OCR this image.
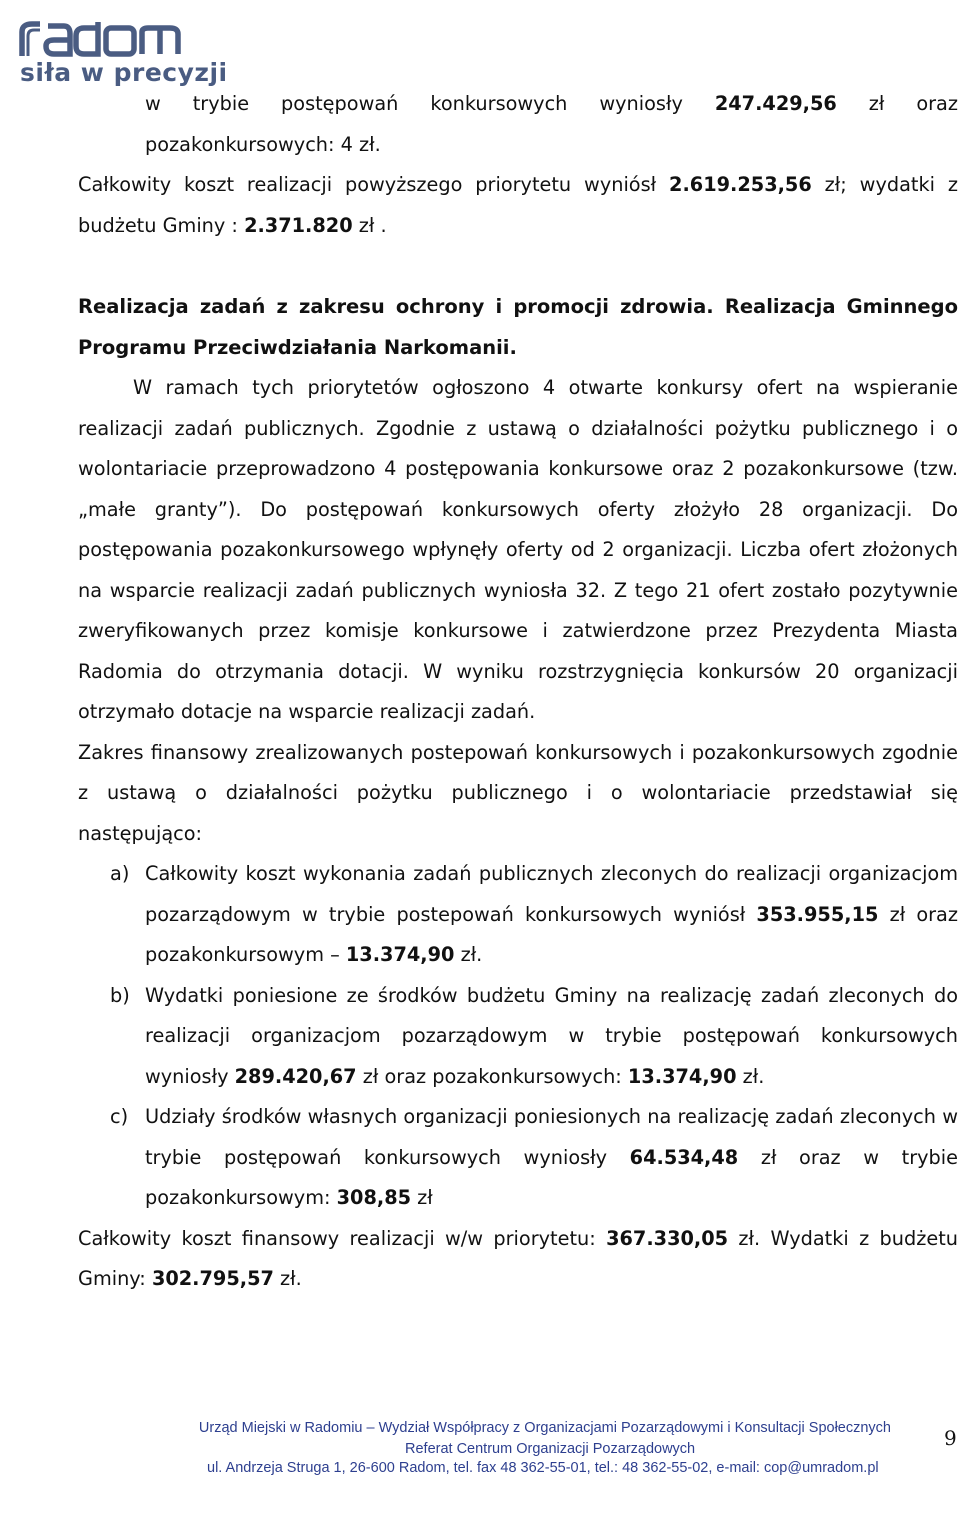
radom
siła w precyzji
w trybie postępowań konkursowych wyniosły 247.429,56 zł oraz pozakonkursowych: 4 zł.
Całkowity koszt realizacji powyższego priorytetu wyniósł 2.619.253,56 zł; wydatki z budżetu Gminy : 2.371.820 zł .
Realizacja zadań z zakresu ochrony i promocji zdrowia. Realizacja Gminnego Programu Przeciwdziałania Narkomanii.
W ramach tych priorytetów ogłoszono 4 otwarte konkursy ofert na wspieranie realizacji zadań publicznych. Zgodnie z ustawą o działalności pożytku publicznego i o wolontariacie przeprowadzono 4 postępowania konkursowe oraz 2 pozakonkursowe (tzw. „małe granty”). Do postępowań konkursowych oferty złożyło 28 organizacji. Do postępowania pozakonkursowego wpłynęły oferty od 2 organizacji. Liczba ofert złożonych na wsparcie realizacji zadań publicznych wyniosła 32. Z tego 21 ofert zostało pozytywnie zweryfikowanych przez komisje konkursowe i zatwierdzone przez Prezydenta Miasta Radomia do otrzymania dotacji. W wyniku rozstrzygnięcia konkursów 20 organizacji otrzymało dotacje na wsparcie realizacji zadań.
Zakres finansowy zrealizowanych postepowań konkursowych i pozakonkursowych zgodnie z ustawą o działalności pożytku publicznego i o wolontariacie przedstawiał się następująco:
a) Całkowity koszt wykonania zadań publicznych zleconych do realizacji organizacjom pozarządowym w trybie postepowań konkursowych wyniósł 353.955,15 zł oraz pozakonkursowym – 13.374,90 zł.
b) Wydatki poniesione ze środków budżetu Gminy na realizację zadań zleconych do realizacji organizacjom pozarządowym w trybie postępowań konkursowych wyniosły 289.420,67 zł oraz pozakonkursowych: 13.374,90 zł.
c) Udziały środków własnych organizacji poniesionych na realizację zadań zleconych w trybie postępowań konkursowych wyniosły 64.534,48 zł oraz w trybie pozakonkursowym: 308,85 zł
Całkowity koszt finansowy realizacji w/w priorytetu: 367.330,05 zł. Wydatki z budżetu Gminy: 302.795,57 zł.
Urząd Miejski w Radomiu – Wydział Współpracy z Organizacjami Pozarządowymi i Konsultacji Społecznych
Referat Centrum Organizacji Pozarządowych
ul. Andrzeja Struga 1, 26-600 Radom, tel. fax 48 362-55-01, tel.: 48 362-55-02, e-mail: cop@umradom.pl
9
